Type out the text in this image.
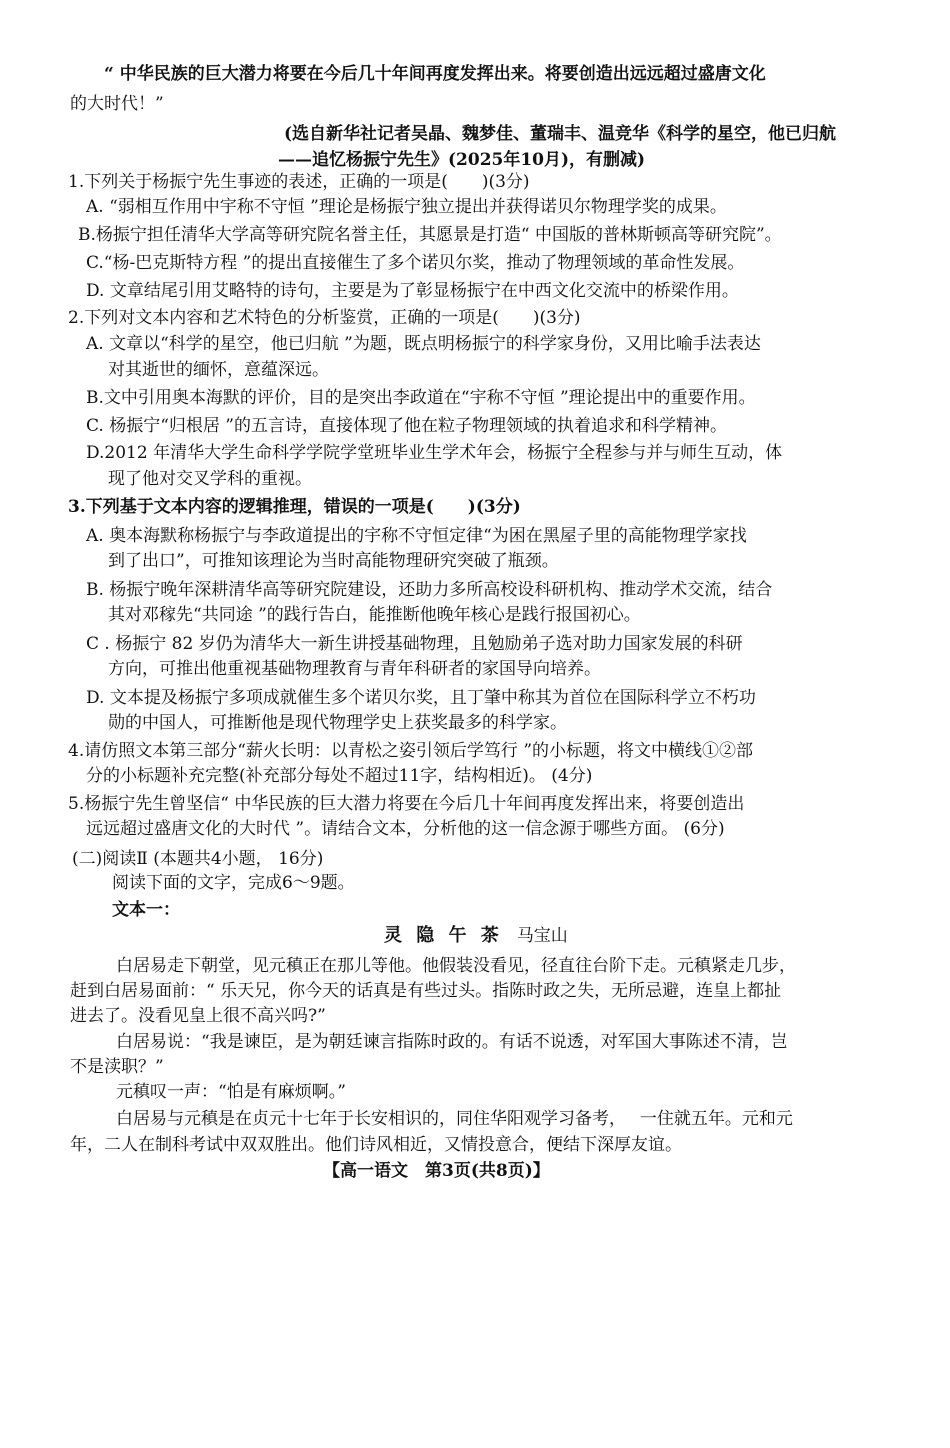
“ 中华民族的巨大潜力将要在今后几十年间再度发挥出来。将要创造出远远超过盛唐文化
的大时代！”
(选自新华社记者吴晶、魏梦佳、董瑞丰、温竞华《科学的星空，他已归航
——追忆杨振宁先生》(2025年10月)，有删减)
1.下列关于杨振宁先生事迹的表述，正确的一项是(　　)(3分)
A. “弱相互作用中宇称不守恒 ”理论是杨振宁独立提出并获得诺贝尔物理学奖的成果。
B.杨振宁担任清华大学高等研究院名誉主任，其愿景是打造“ 中国版的普林斯顿高等研究院”。
C.“杨-巴克斯特方程 ”的提出直接催生了多个诺贝尔奖，推动了物理领域的革命性发展。
D. 文章结尾引用艾略特的诗句，主要是为了彰显杨振宁在中西文化交流中的桥梁作用。
2.下列对文本内容和艺术特色的分析鉴赏，正确的一项是(　　)(3分)
A. 文章以“科学的星空，他已归航 ”为题，既点明杨振宁的科学家身份，又用比喻手法表达
对其逝世的缅怀，意蕴深远。
B.文中引用奥本海默的评价，目的是突出李政道在“宇称不守恒 ”理论提出中的重要作用。
C. 杨振宁“归根居 ”的五言诗，直接体现了他在粒子物理领域的执着追求和科学精神。
D.2012 年清华大学生命科学学院学堂班毕业生学术年会，杨振宁全程参与并与师生互动，体
现了他对交叉学科的重视。
3.下列基于文本内容的逻辑推理，错误的一项是(　　)(3分)
A. 奥本海默称杨振宁与李政道提出的宇称不守恒定律“为困在黑屋子里的高能物理学家找
到了出口”，可推知该理论为当时高能物理研究突破了瓶颈。
B. 杨振宁晚年深耕清华高等研究院建设，还助力多所高校设科研机构、推动学术交流，结合
其对邓稼先“共同途 ”的践行告白，能推断他晚年核心是践行报国初心。
C . 杨振宁 82 岁仍为清华大一新生讲授基础物理，且勉励弟子选对助力国家发展的科研
方向，可推出他重视基础物理教育与青年科研者的家国导向培养。
D. 文本提及杨振宁多项成就催生多个诺贝尔奖，且丁肇中称其为首位在国际科学立不朽功
勋的中国人，可推断他是现代物理学史上获奖最多的科学家。
4.请仿照文本第三部分“薪火长明：以青松之姿引领后学笃行 ”的小标题，将文中横线①②部
分的小标题补充完整(补充部分每处不超过11字，结构相近)。 (4分)
5.杨振宁先生曾坚信“ 中华民族的巨大潜力将要在今后几十年间再度发挥出来，将要创造出
远远超过盛唐文化的大时代 ”。请结合文本，分析他的这一信念源于哪些方面。 (6分)
(二)阅读Ⅱ (本题共4小题， 16分)
阅读下面的文字，完成6～9题。
文本一：
灵 隐 午 茶 马宝山
白居易走下朝堂，见元稹正在那儿等他。他假装没看见，径直往台阶下走。元稹紧走几步，
赶到白居易面前：“ 乐天兄，你今天的话真是有些过头。指陈时政之失，无所忌避，连皇上都扯
进去了。没看见皇上很不高兴吗?”
白居易说：“我是谏臣，是为朝廷谏言指陈时政的。有话不说透，对军国大事陈述不清，岂
不是渎职？”
元稹叹一声：“怕是有麻烦啊。”
白居易与元稹是在贞元十七年于长安相识的，同住华阳观学习备考，　 一住就五年。元和元
年，二人在制科考试中双双胜出。他们诗风相近，又情投意合，便结下深厚友谊。
【高一语文　第3页(共8页)】
